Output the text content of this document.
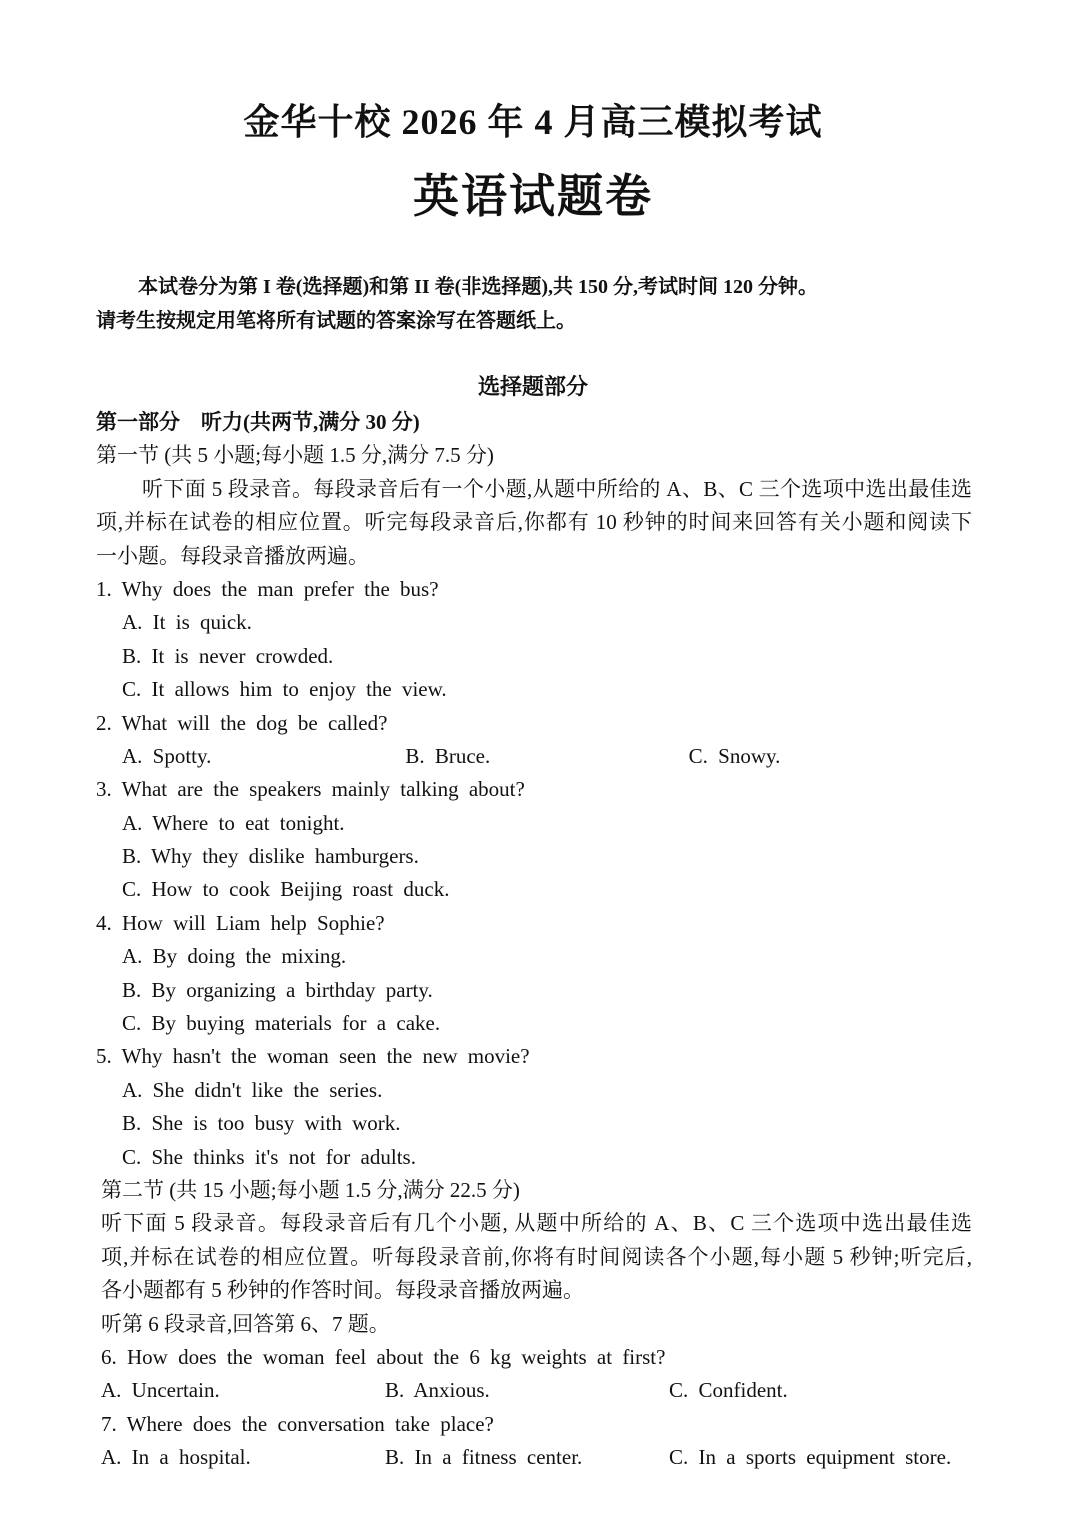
金华十校 2026 年 4 月高三模拟考试
英语试题卷
本试卷分为第 I 卷(选择题)和第 II 卷(非选择题),共 150 分,考试时间 120 分钟。
请考生按规定用笔将所有试题的答案涂写在答题纸上。
选择题部分
第一部分　听力(共两节,满分 30 分)
第一节 (共 5 小题;每小题 1.5 分,满分 7.5 分)
听下面 5 段录音。每段录音后有一个小题,从题中所给的 A、B、C 三个选项中选出最佳选
项,并标在试卷的相应位置。听完每段录音后,你都有 10 秒钟的时间来回答有关小题和阅读下
一小题。每段录音播放两遍。
1. Why does the man prefer the bus?
A. It is quick.
B. It is never crowded.
C. It allows him to enjoy the view.
2. What will the dog be called?
A. Spotty.	B. Bruce.	C. Snowy.
3. What are the speakers mainly talking about?
A. Where to eat tonight.
B. Why they dislike hamburgers.
C. How to cook Beijing roast duck.
4. How will Liam help Sophie?
A. By doing the mixing.
B. By organizing a birthday party.
C. By buying materials for a cake.
5. Why hasn't the woman seen the new movie?
A. She didn't like the series.
B. She is too busy with work.
C. She thinks it's not for adults.
第二节 (共 15 小题;每小题 1.5 分,满分 22.5 分)
听下面 5 段录音。每段录音后有几个小题, 从题中所给的 A、B、C 三个选项中选出最佳选
项,并标在试卷的相应位置。听每段录音前,你将有时间阅读各个小题,每小题 5 秒钟;听完后,
各小题都有 5 秒钟的作答时间。每段录音播放两遍。
听第 6 段录音,回答第 6、7 题。
6. How does the woman feel about the 6 kg weights at first?
A. Uncertain.	B. Anxious.	C. Confident.
7. Where does the conversation take place?
A. In a hospital.	B. In a fitness center.	C. In a sports equipment store.
